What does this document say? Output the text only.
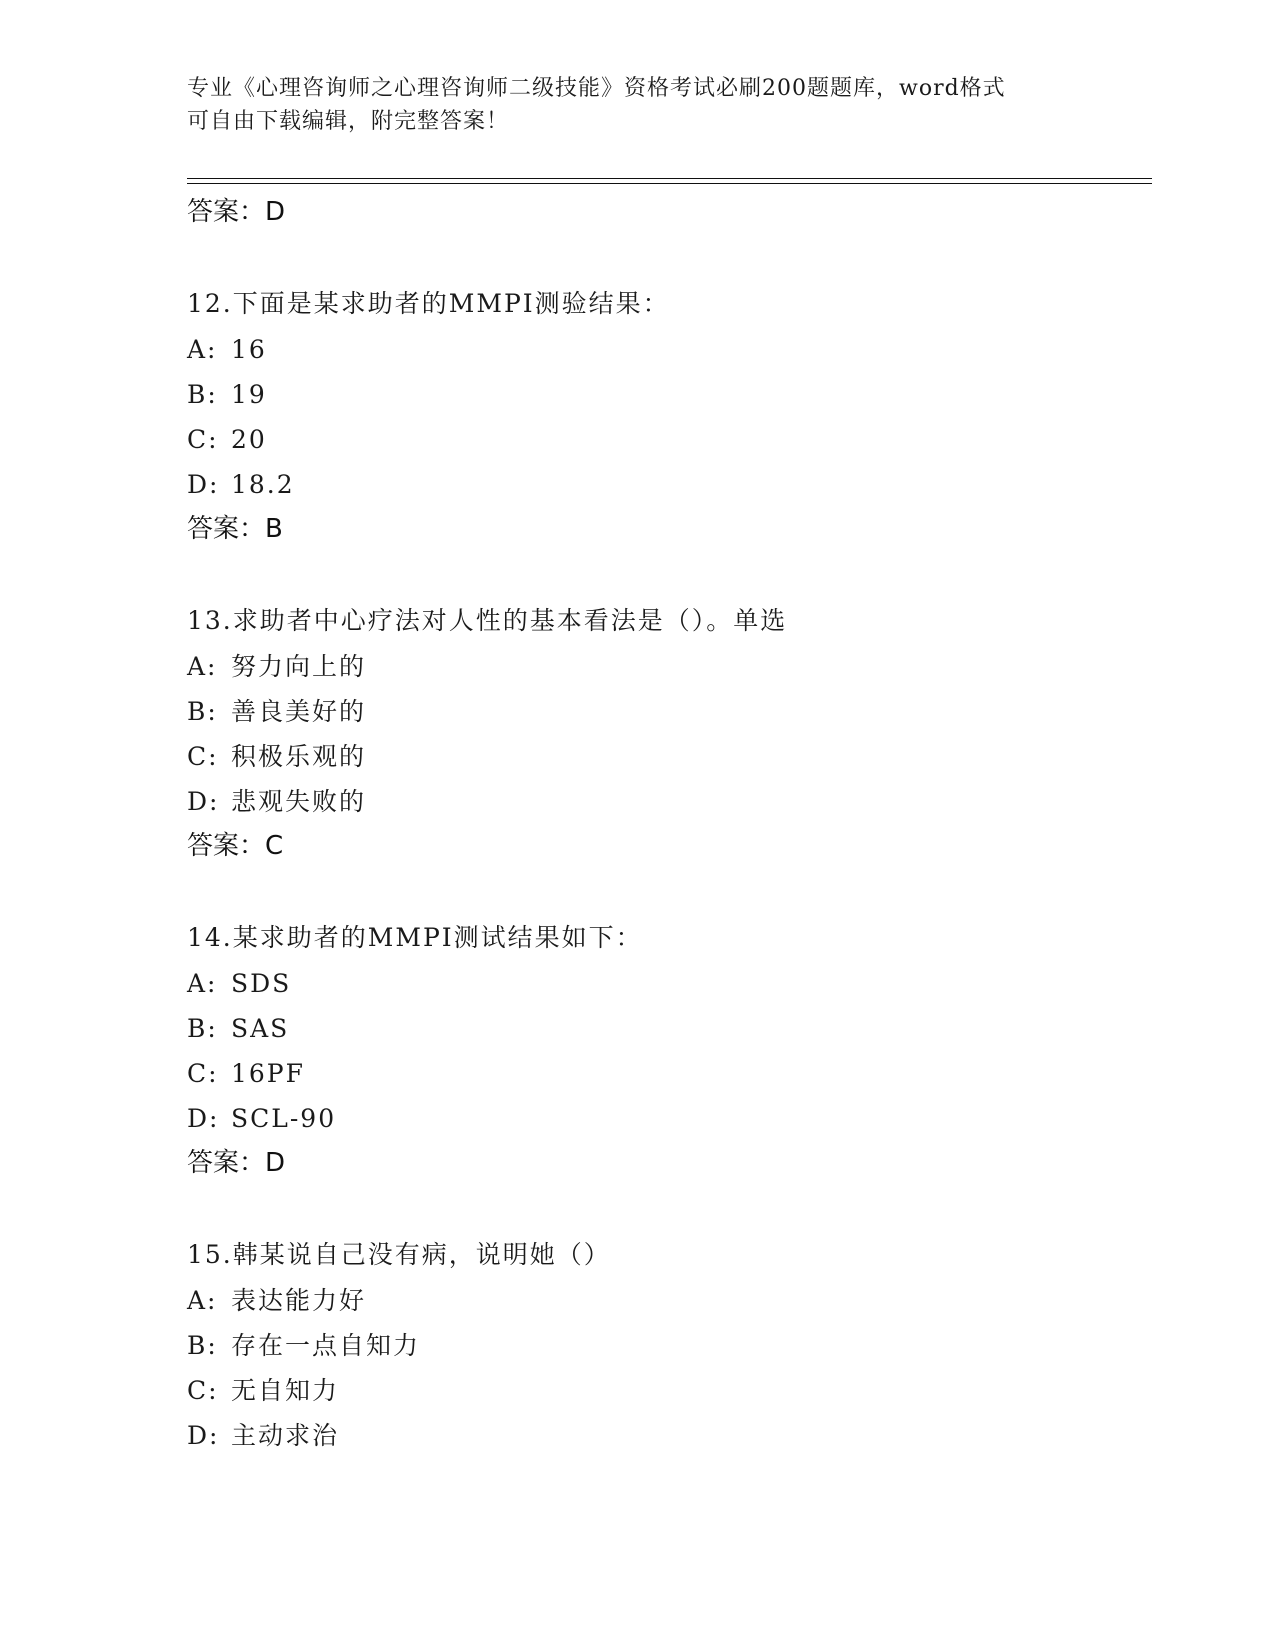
专业《心理咨询师之心理咨询师二级技能》资格考试必刷200题题库，word格式
可自由下载编辑，附完整答案！
答案：D
12.下面是某求助者的MMPI测验结果：
A: 16
B: 19
C: 20
D: 18.2
答案：B
13.求助者中心疗法对人性的基本看法是（）。单选
A: 努力向上的
B: 善良美好的
C: 积极乐观的
D: 悲观失败的
答案：C
14.某求助者的MMPI测试结果如下：
A: SDS
B: SAS
C: 16PF
D: SCL-90
答案：D
15.韩某说自己没有病，说明她（）
A: 表达能力好
B: 存在一点自知力
C: 无自知力
D: 主动求治
